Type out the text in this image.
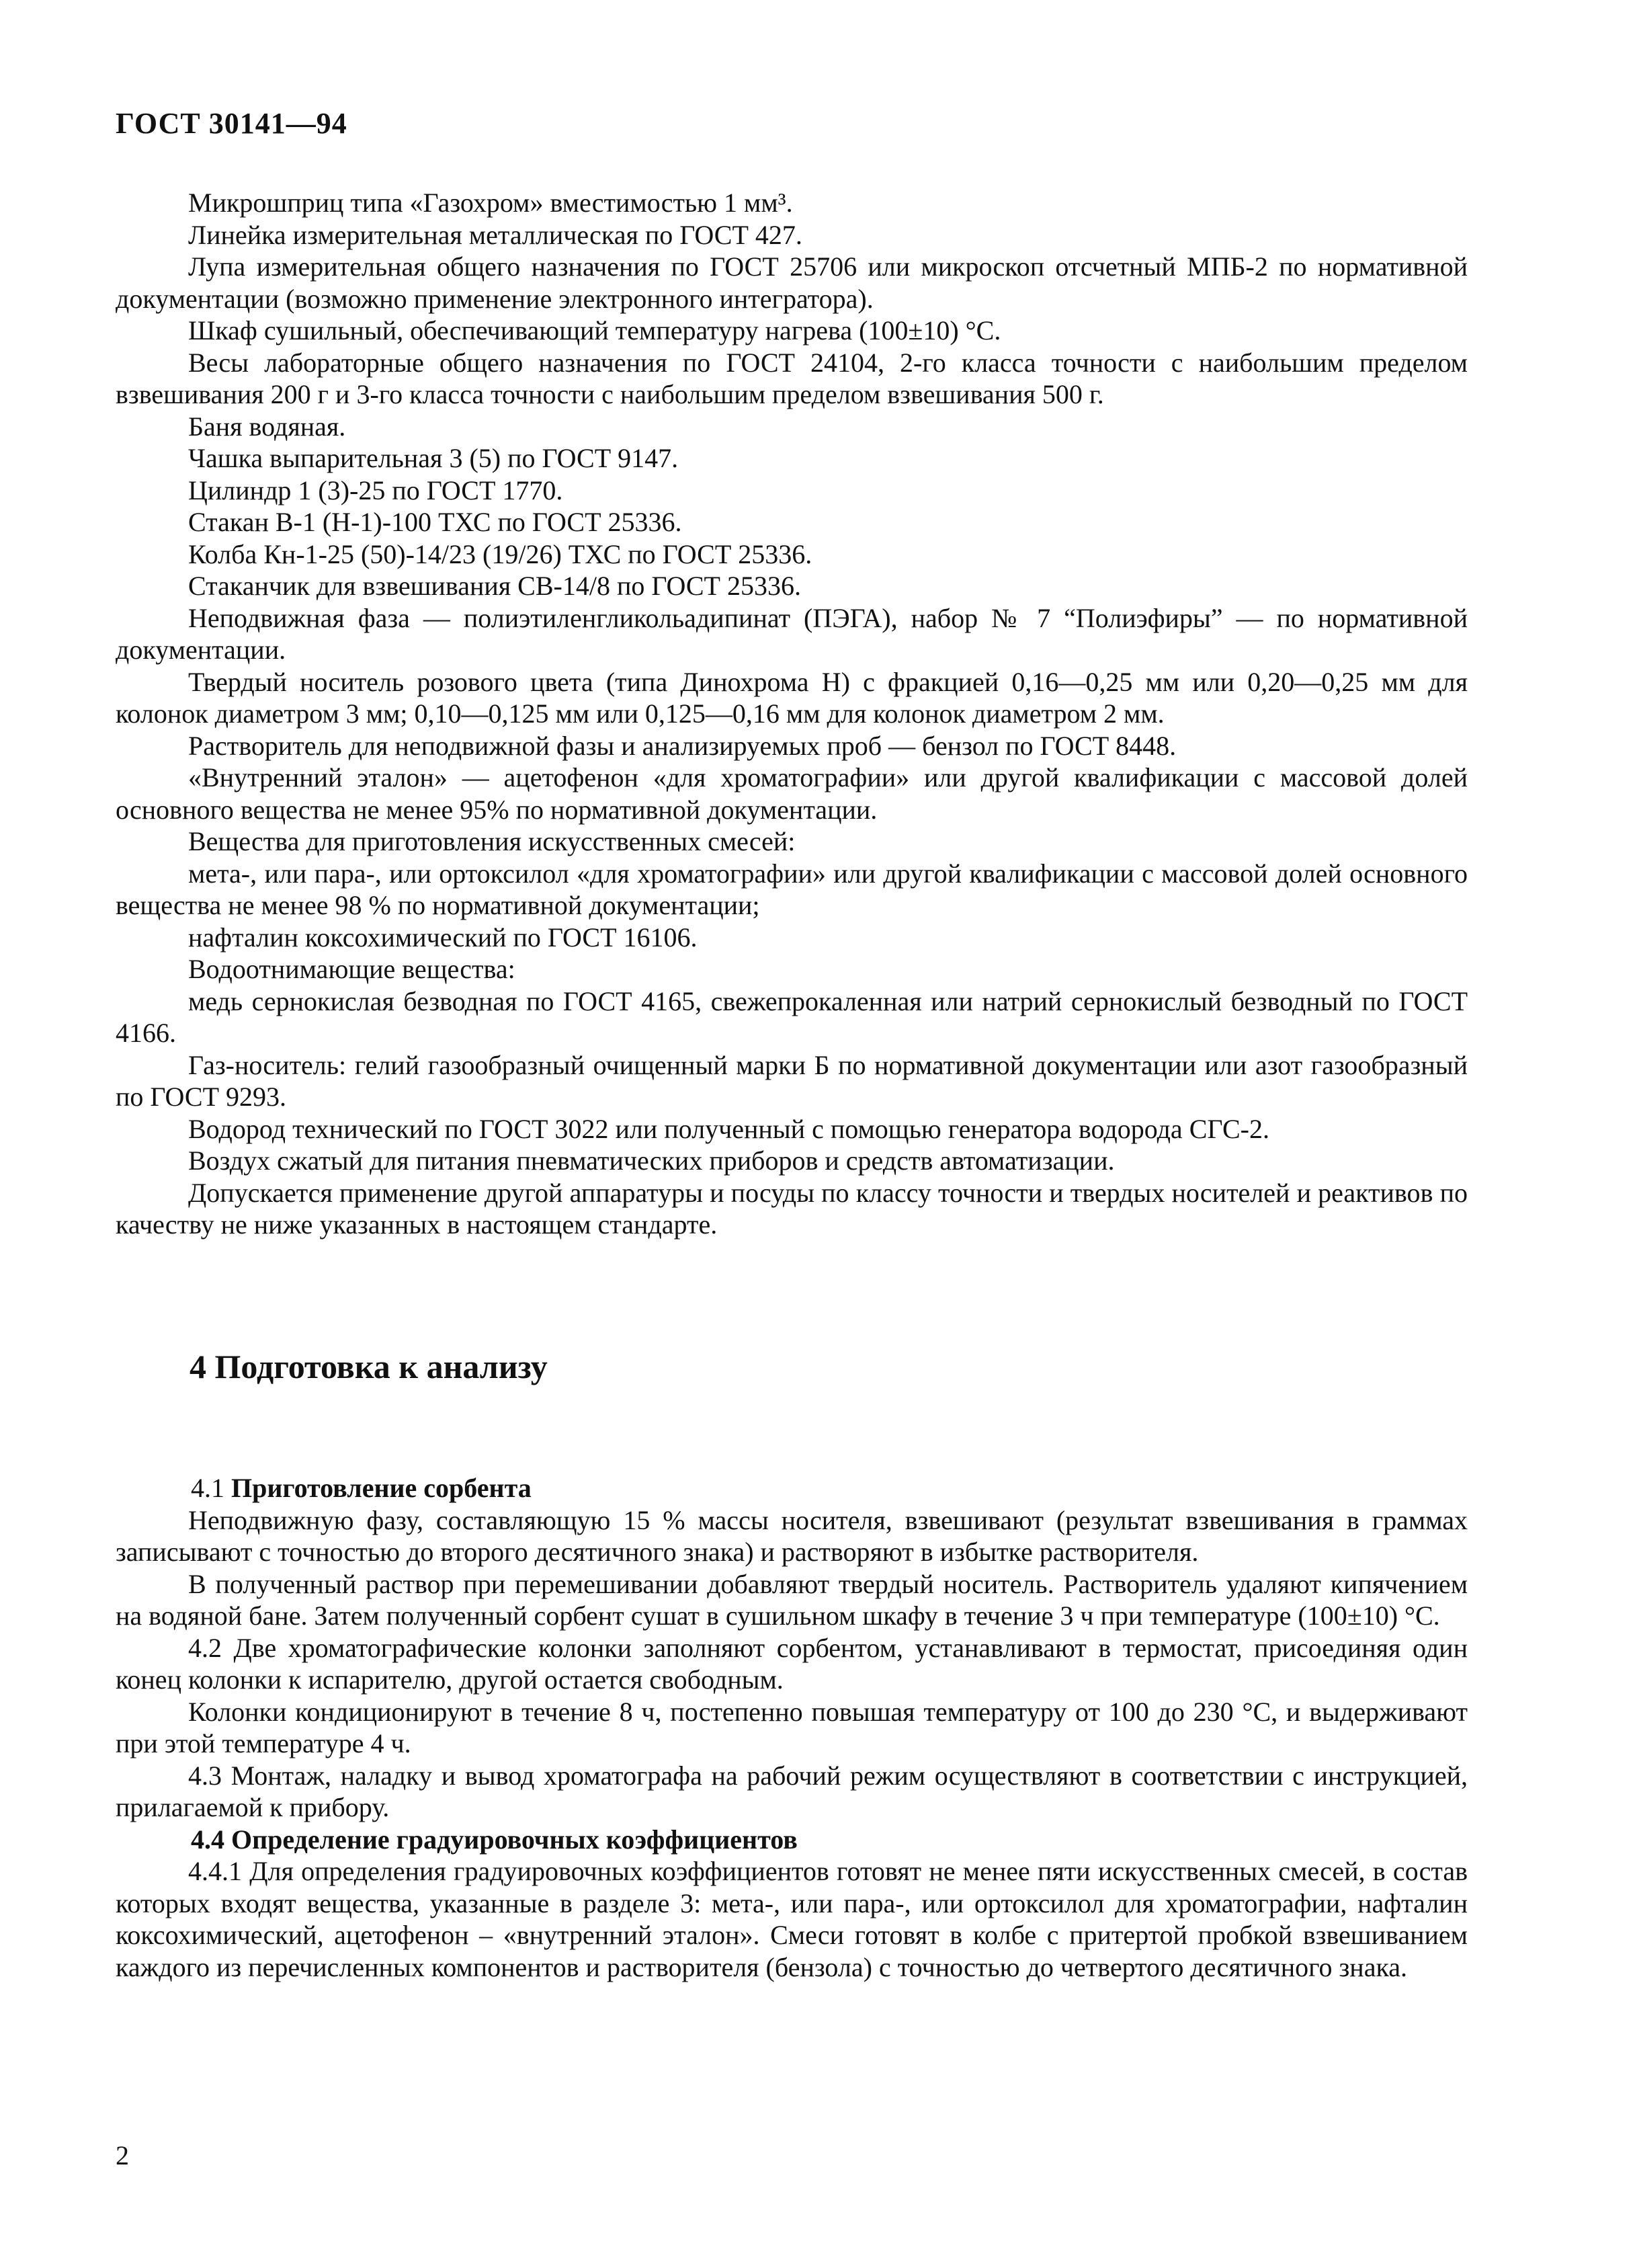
ГОСТ 30141—94

Микрошприц типа «Газохром» вместимостью 1 мм³.

Линейка измерительная металлическая по ГОСТ 427.

Лупа измерительная общего назначения по ГОСТ 25706 или микроскоп отсчетный МПБ-2 по нормативной документации (возможно применение электронного интегратора).

Шкаф сушильный, обеспечивающий температуру нагрева (100±10) °С.

Весы лабораторные общего назначения по ГОСТ 24104, 2-го класса точности с наибольшим пределом взвешивания 200 г и 3-го класса точности с наибольшим пределом взвешивания 500 г.

Баня водяная.

Чашка выпарительная 3 (5) по ГОСТ 9147.

Цилиндр 1 (3)-25 по ГОСТ 1770.

Стакан В-1 (Н-1)-100 ТХС по ГОСТ 25336.

Колба Кн-1-25 (50)-14/23 (19/26) ТХС по ГОСТ 25336.

Стаканчик для взвешивания СВ-14/8 по ГОСТ 25336.

Неподвижная фаза — полиэтиленгликольадипинат (ПЭГА), набор № 7 “Полиэфиры” — по нормативной документации.

Твердый носитель розового цвета (типа Динохрома Н) с фракцией 0,16—0,25 мм или 0,20—0,25 мм для колонок диаметром 3 мм; 0,10—0,125 мм или 0,125—0,16 мм для колонок диаметром 2 мм.

Растворитель для неподвижной фазы и анализируемых проб — бензол по ГОСТ 8448.

«Внутренний эталон» — ацетофенон «для хроматографии» или другой квалификации с массовой долей основного вещества не менее 95% по нормативной документации.

Вещества для приготовления искусственных смесей:

мета-, или пара-, или ортоксилол «для хроматографии» или другой квалификации с массовой долей основного вещества не менее 98 % по нормативной документации;

нафталин коксохимический по ГОСТ 16106.

Водоотнимающие вещества:

медь сернокислая безводная по ГОСТ 4165, свежепрокаленная или натрий сернокислый безводный по ГОСТ 4166.

Газ-носитель: гелий газообразный очищенный марки Б по нормативной документации или азот газообразный по ГОСТ 9293.

Водород технический по ГОСТ 3022 или полученный с помощью генератора водорода СГС-2.

Воздух сжатый для питания пневматических приборов и средств автоматизации.

Допускается применение другой аппаратуры и посуды по классу точности и твердых носителей и реактивов по качеству не ниже указанных в настоящем стандарте.

4 Подготовка к анализу

4.1 Приготовление сорбента

Неподвижную фазу, составляющую 15 % массы носителя, взвешивают (результат взвешивания в граммах записывают с точностью до второго десятичного знака) и растворяют в избытке растворителя.

В полученный раствор при перемешивании добавляют твердый носитель. Растворитель удаляют кипячением на водяной бане. Затем полученный сорбент сушат в сушильном шкафу в течение 3 ч при температуре (100±10) °С.

4.2 Две хроматографические колонки заполняют сорбентом, устанавливают в термостат, присоединяя один конец колонки к испарителю, другой остается свободным.

Колонки кондиционируют в течение 8 ч, постепенно повышая температуру от 100 до 230 °С, и выдерживают при этой температуре 4 ч.

4.3 Монтаж, наладку и вывод хроматографа на рабочий режим осуществляют в соответствии с инструкцией, прилагаемой к прибору.

4.4 Определение градуировочных коэффициентов

4.4.1 Для определения градуировочных коэффициентов готовят не менее пяти искусственных смесей, в состав которых входят вещества, указанные в разделе 3: мета-, или пара-, или ортоксилол для хроматографии, нафталин коксохимический, ацетофенон – «внутренний эталон». Смеси готовят в колбе с притертой пробкой взвешиванием каждого из перечисленных компонентов и растворителя (бензола) с точностью до четвертого десятичного знака.

2
